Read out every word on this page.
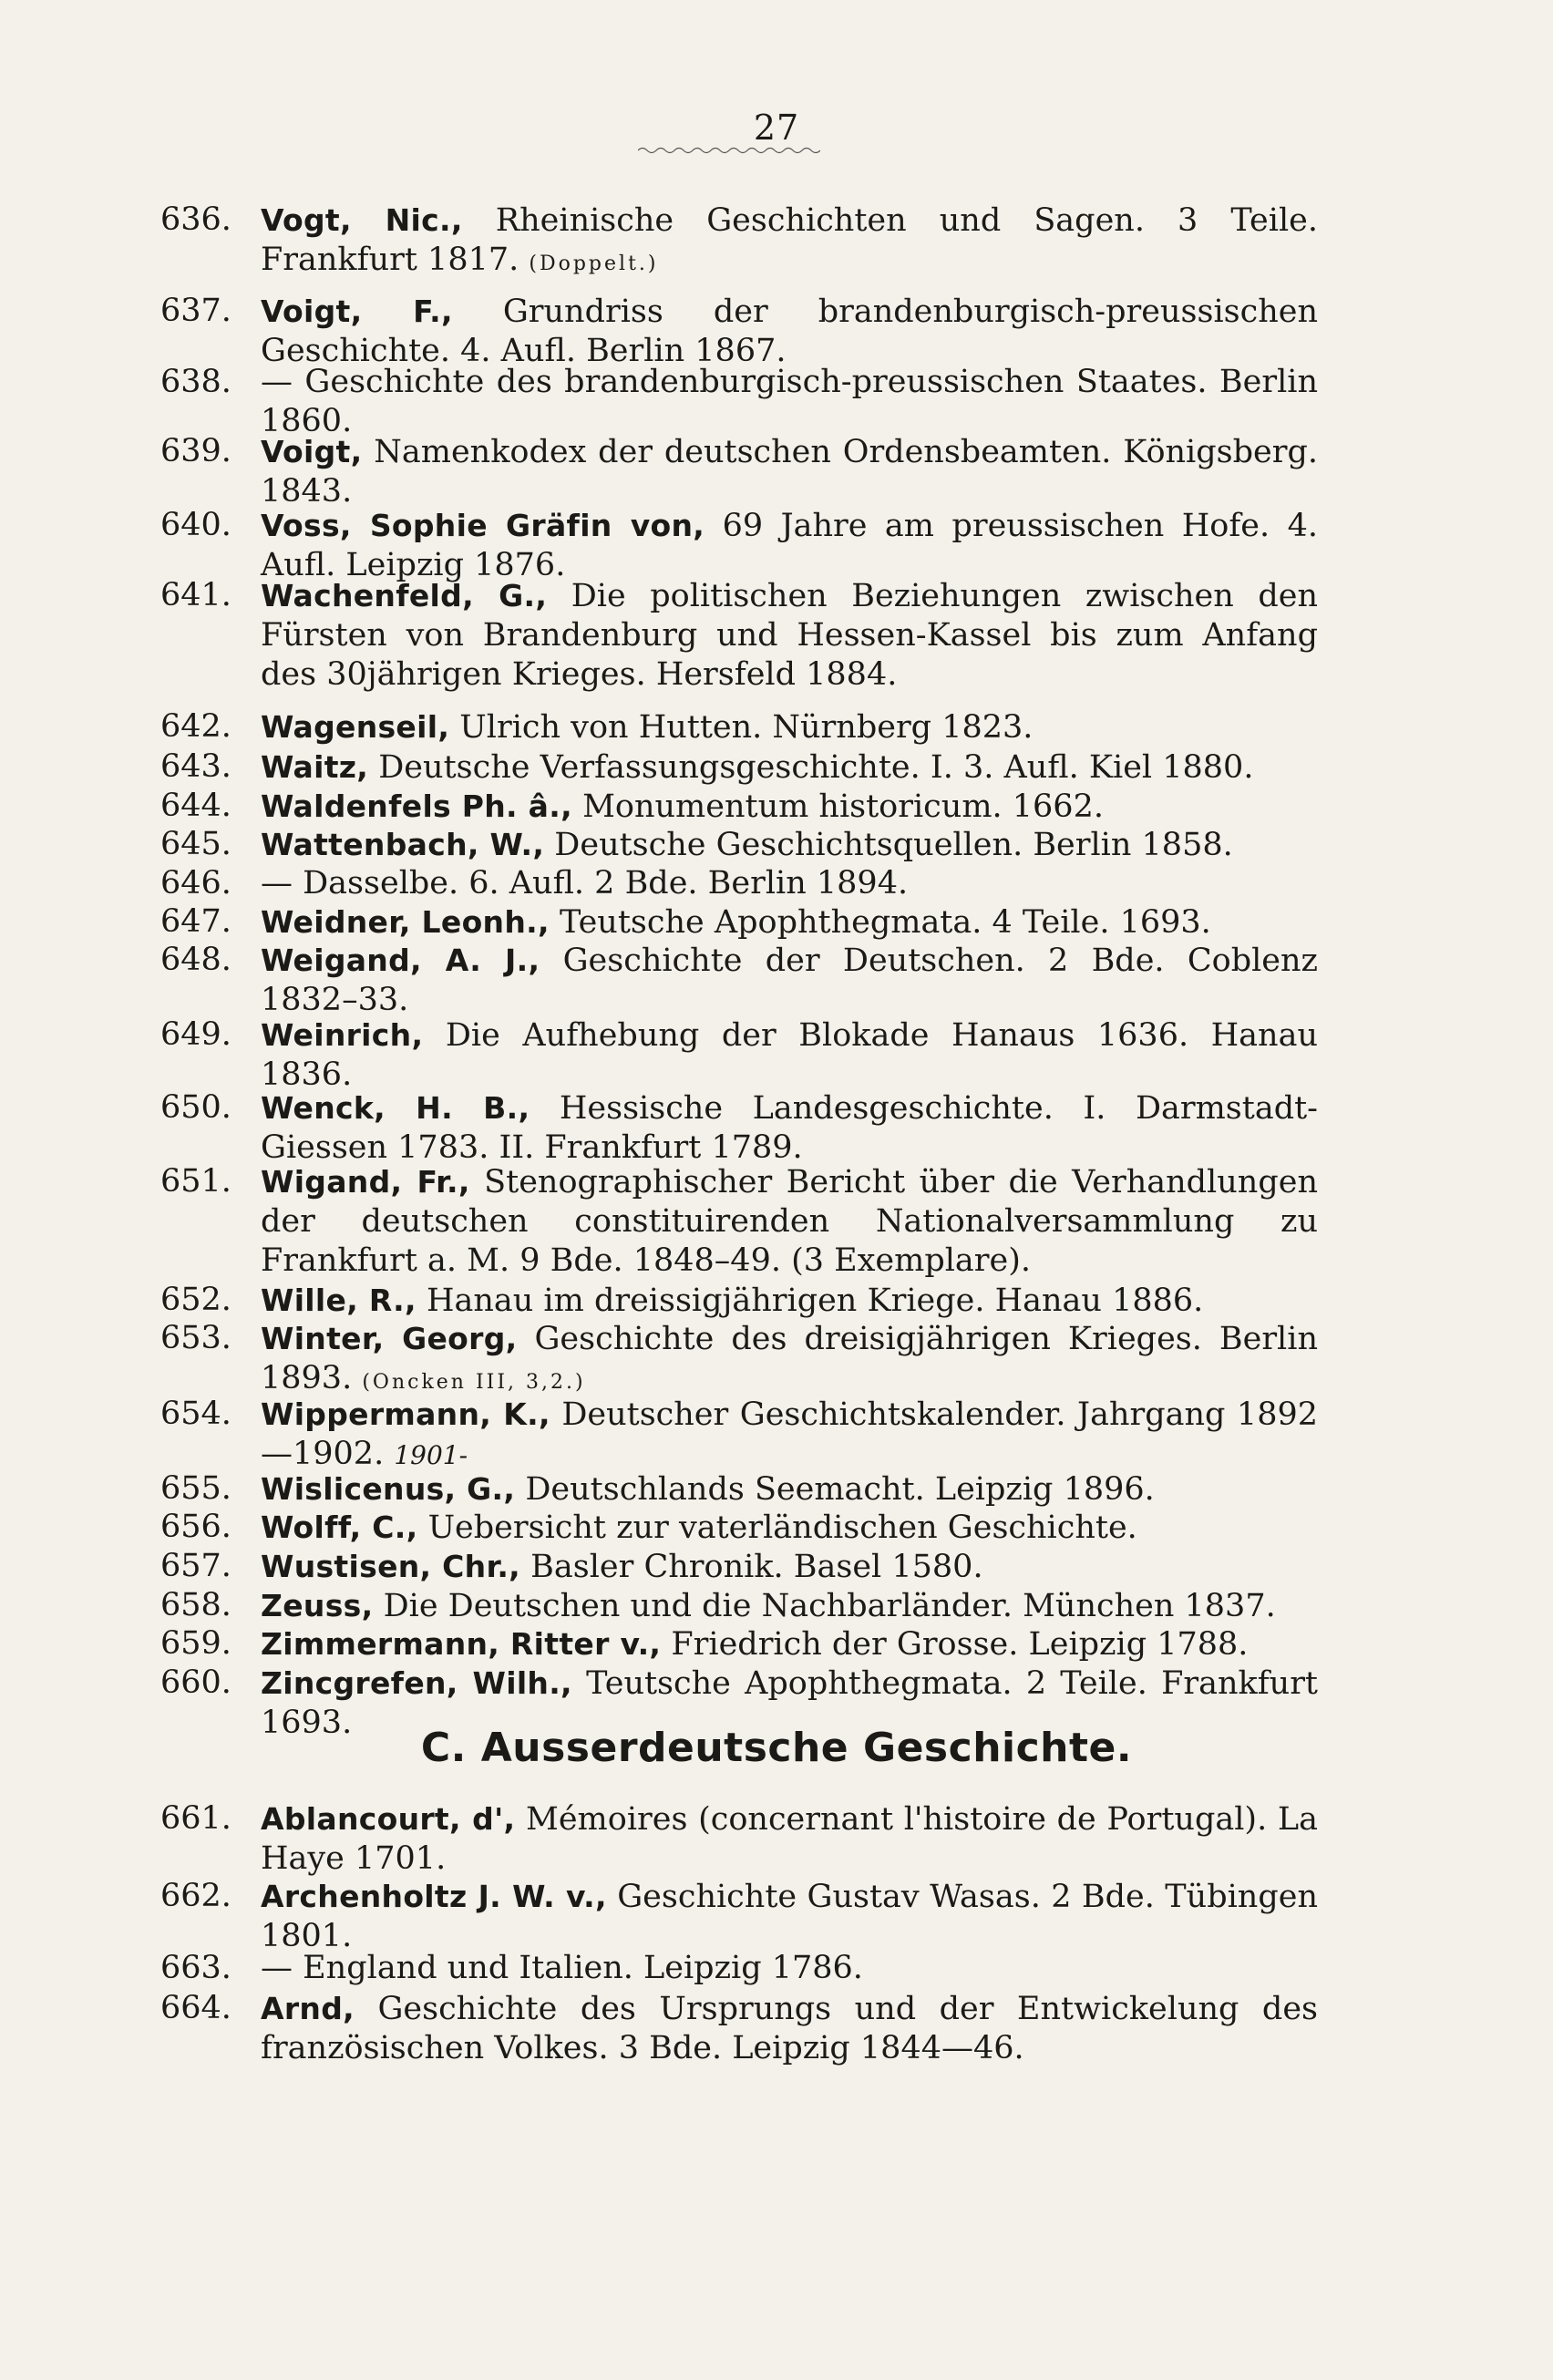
27
636. Vogt, Nic., Rheinische Geschichten und Sagen. 3 Teile. Frankfurt 1817. (Doppelt.)
637. Voigt, F., Grundriss der brandenburgisch-preussischen Geschichte. 4. Aufl. Berlin 1867.
638. — Geschichte des brandenburgisch-preussischen Staates. Berlin 1860.
639. Voigt, Namenkodex der deutschen Ordensbeamten. Königsberg. 1843.
640. Voss, Sophie Gräfin von, 69 Jahre am preussischen Hofe. 4. Aufl. Leipzig 1876.
641. Wachenfeld, G., Die politischen Beziehungen zwischen den Fürsten von Brandenburg und Hessen-Kassel bis zum Anfang des 30jährigen Krieges. Hersfeld 1884.
642. Wagenseil, Ulrich von Hutten. Nürnberg 1823.
643. Waitz, Deutsche Verfassungsgeschichte. I. 3. Aufl. Kiel 1880.
644. Waldenfels Ph. â., Monumentum historicum. 1662.
645. Wattenbach, W., Deutsche Geschichtsquellen. Berlin 1858.
646. — Dasselbe. 6. Aufl. 2 Bde. Berlin 1894.
647. Weidner, Leonh., Teutsche Apophthegmata. 4 Teile. 1693.
648. Weigand, A. J., Geschichte der Deutschen. 2 Bde. Coblenz 1832–33.
649. Weinrich, Die Aufhebung der Blokade Hanaus 1636. Hanau 1836.
650. Wenck, H. B., Hessische Landesgeschichte. I. Darmstadt-Giessen 1783. II. Frankfurt 1789.
651. Wigand, Fr., Stenographischer Bericht über die Verhandlungen der deutschen constituirenden Nationalversammlung zu Frankfurt a. M. 9 Bde. 1848–49. (3 Exemplare).
652. Wille, R., Hanau im dreissigjährigen Kriege. Hanau 1886.
653. Winter, Georg, Geschichte des dreisigjährigen Krieges. Berlin 1893. (Oncken III, 3,2.)
654. Wippermann, K., Deutscher Geschichtskalender. Jahrgang 1892—1902. 1901-
655. Wislicenus, G., Deutschlands Seemacht. Leipzig 1896.
656. Wolff, C., Uebersicht zur vaterländischen Geschichte.
657. Wustisen, Chr., Basler Chronik. Basel 1580.
658. Zeuss, Die Deutschen und die Nachbarländer. München 1837.
659. Zimmermann, Ritter v., Friedrich der Grosse. Leipzig 1788.
660. Zincgrefen, Wilh., Teutsche Apophthegmata. 2 Teile. Frankfurt 1693.
661. Ablancourt, d', Mémoires (concernant l'histoire de Portugal). La Haye 1701.
662. Archenholtz J. W. v., Geschichte Gustav Wasas. 2 Bde. Tübingen 1801.
663. — England und Italien. Leipzig 1786.
664. Arnd, Geschichte des Ursprungs und der Entwickelung des französischen Volkes. 3 Bde. Leipzig 1844—46.
C. Ausserdeutsche Geschichte.
